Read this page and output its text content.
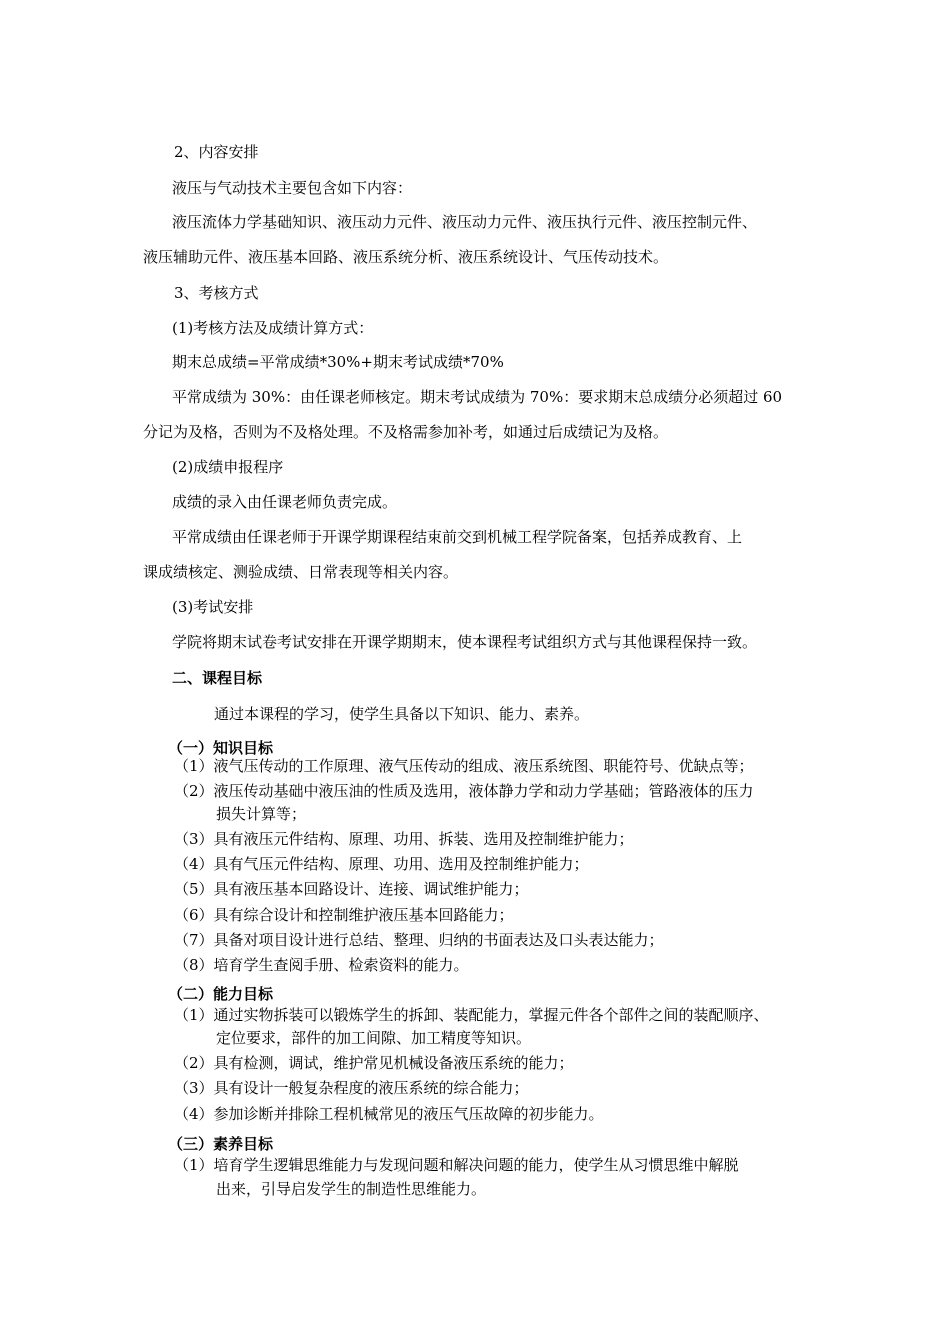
2、内容安排
液压与气动技术主要包含如下内容：
液压流体力学基础知识、液压动力元件、液压动力元件、液压执行元件、液压控制元件、
液压辅助元件、液压基本回路、液压系统分析、液压系统设计、气压传动技术。
3、考核方式
(1)考核方法及成绩计算方式：
期末总成绩=平常成绩*30%+期末考试成绩*70%
平常成绩为 30%：由任课老师核定。期末考试成绩为 70%：要求期末总成绩分必须超过 60
分记为及格，否则为不及格处理。不及格需参加补考，如通过后成绩记为及格。
(2)成绩申报程序
成绩的录入由任课老师负责完成。
平常成绩由任课老师于开课学期课程结束前交到机械工程学院备案，包括养成教育、上
课成绩核定、测验成绩、日常表现等相关内容。
(3)考试安排
学院将期末试卷考试安排在开课学期期末，使本课程考试组织方式与其他课程保持一致。
二、课程目标
通过本课程的学习，使学生具备以下知识、能力、素养。
（一）知识目标
（1）液气压传动的工作原理、液气压传动的组成、液压系统图、职能符号、优缺点等；
（2）液压传动基础中液压油的性质及选用，液体静力学和动力学基础；管路液体的压力
损失计算等；
（3）具有液压元件结构、原理、功用、拆装、选用及控制维护能力；
（4）具有气压元件结构、原理、功用、选用及控制维护能力；
（5）具有液压基本回路设计、连接、调试维护能力；
（6）具有综合设计和控制维护液压基本回路能力；
（7）具备对项目设计进行总结、整理、归纳的书面表达及口头表达能力；
（8）培育学生查阅手册、检索资料的能力。
（二）能力目标
（1）通过实物拆装可以锻炼学生的拆卸、装配能力，掌握元件各个部件之间的装配顺序、
定位要求，部件的加工间隙、加工精度等知识。
（2）具有检测，调试，维护常见机械设备液压系统的能力；
（3）具有设计一般复杂程度的液压系统的综合能力；
（4）参加诊断并排除工程机械常见的液压气压故障的初步能力。
（三）素养目标
（1）培育学生逻辑思维能力与发现问题和解决问题的能力，使学生从习惯思维中解脱
出来，引导启发学生的制造性思维能力。
